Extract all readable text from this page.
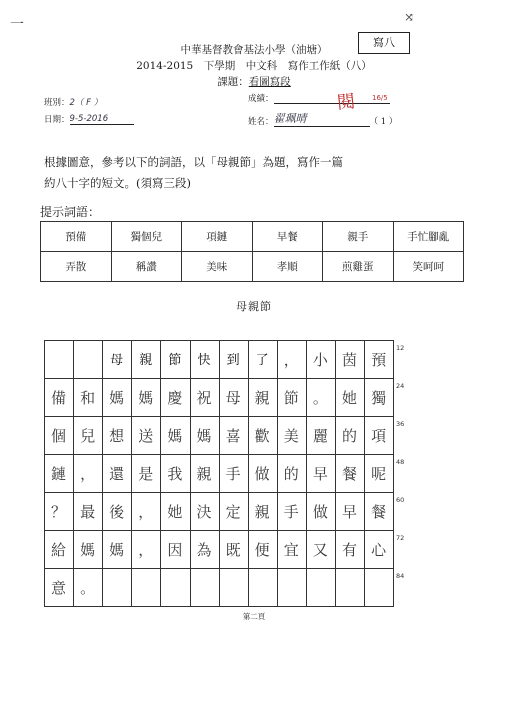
一	⤨
中華基督教會基法小學（油塘）
2014-2015　下學期　中文科　寫作工作紙（八）
課題：看圖寫段
寫八
班別：2（ F ）
日期：9-5-2016
成績：	閱 16/5
姓名：翟珮晴	（ 1 ）
根據圖意，參考以下的詞語，以「母親節」為題，寫作一篇
約八十字的短文。(須寫三段)
提示詞語：
預備	獨個兒	項鏈	早餐	親手	手忙腳亂
弄散	稱讚	美味	孝順	煎雞蛋	笑呵呵
母親節
母	親	節	快	到	了	， 小 茵 預
備 和 媽 媽 慶 祝 母 親 節 。 她 獨
個 兒 想 送 媽 媽 喜 歡 美 麗 的 項
鏈 ， 還 是 我 親 手 做 的 早 餐 呢
？ 最 後 ， 她 決 定 親 手 做 早 餐
給 媽 媽 ， 因 為 既 便 宜 又 有 心
意 。
第二頁
12
24
36
48
60
72
84
